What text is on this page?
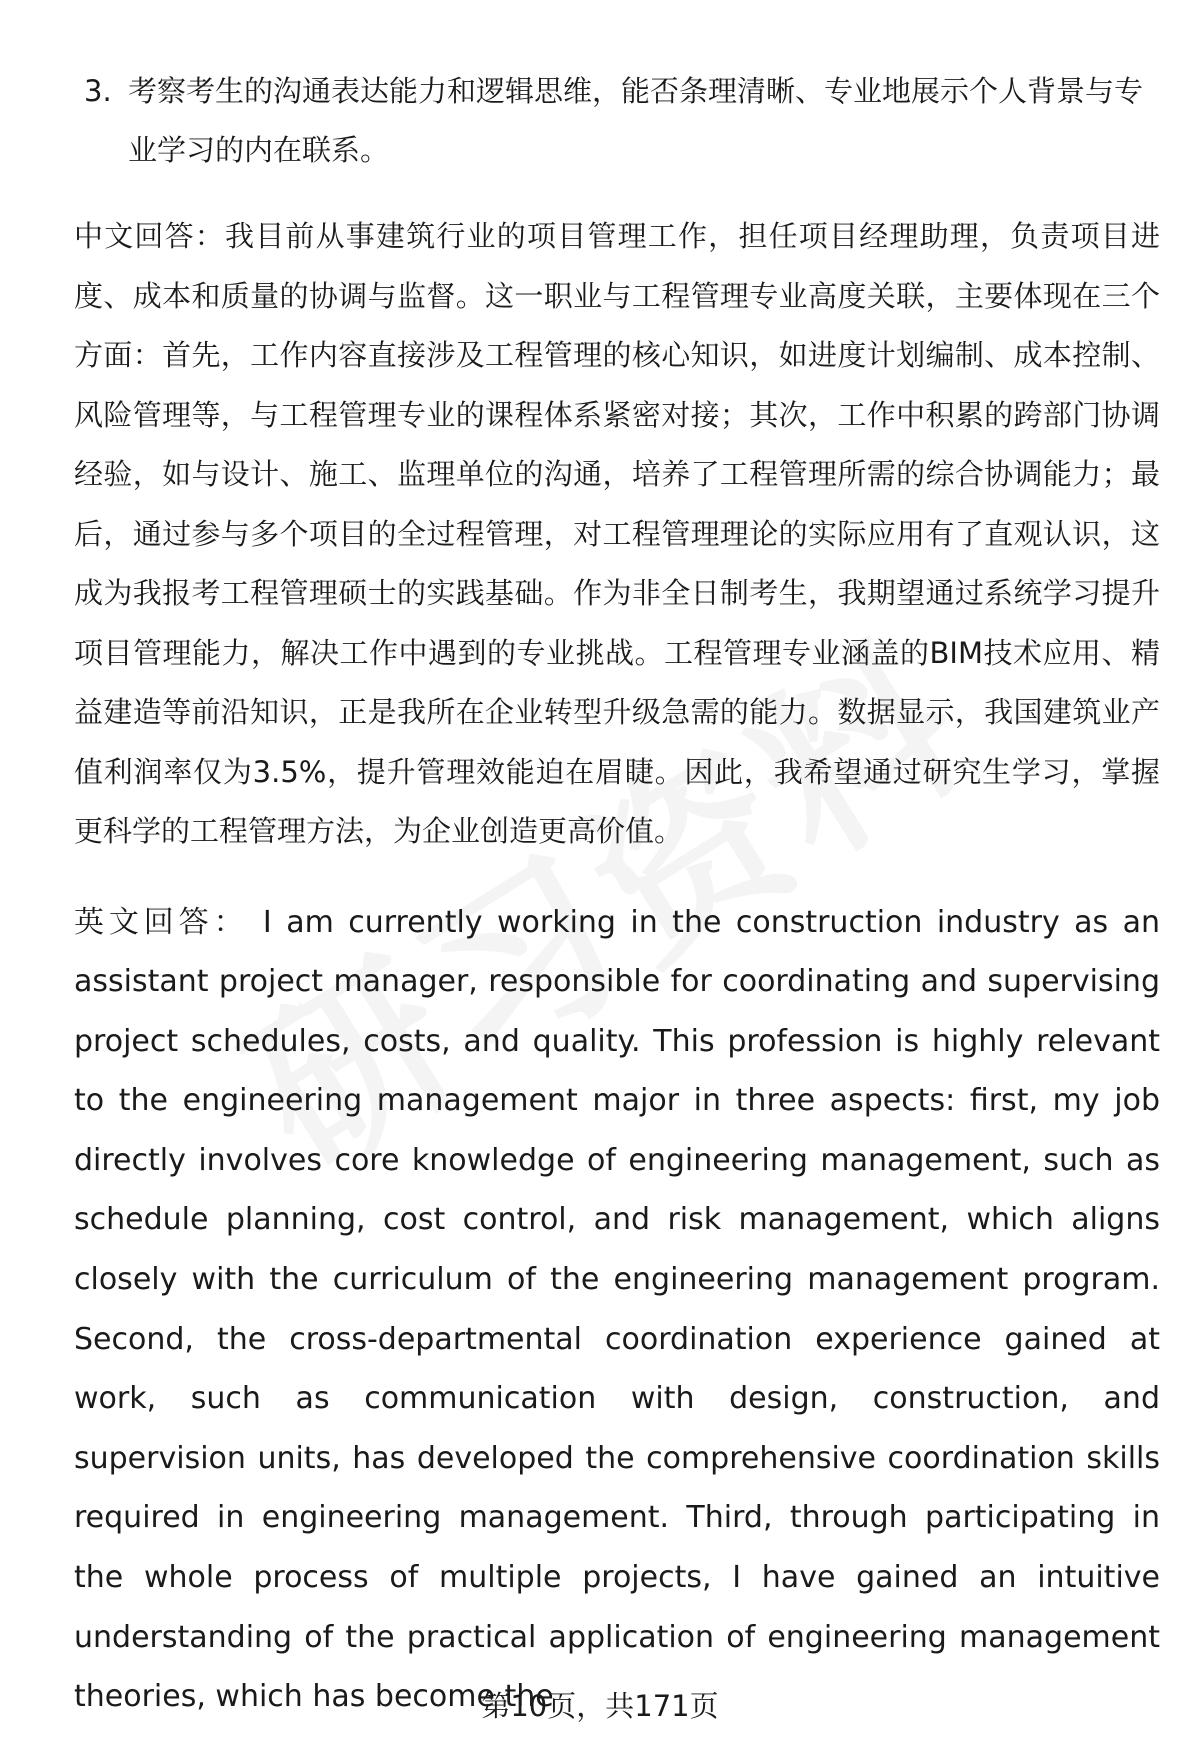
3. 考察考生的沟通表达能力和逻辑思维，能否条理清晰、专业地展示个人背景与专业学习的内在联系。

中文回答：我目前从事建筑行业的项目管理工作，担任项目经理助理，负责项目进度、成本和质量的协调与监督。这一职业与工程管理专业高度关联，主要体现在三个方面：首先，工作内容直接涉及工程管理的核心知识，如进度计划编制、成本控制、风险管理等，与工程管理专业的课程体系紧密对接；其次，工作中积累的跨部门协调经验，如与设计、施工、监理单位的沟通，培养了工程管理所需的综合协调能力；最后，通过参与多个项目的全过程管理，对工程管理理论的实际应用有了直观认识，这成为我报考工程管理硕士的实践基础。作为非全日制考生，我期望通过系统学习提升项目管理能力，解决工作中遇到的专业挑战。工程管理专业涵盖的BIM技术应用、精益建造等前沿知识，正是我所在企业转型升级急需的能力。数据显示，我国建筑业产值利润率仅为3.5%，提升管理效能迫在眉睫。因此，我希望通过研究生学习，掌握更科学的工程管理方法，为企业创造更高价值。

英文回答： I am currently working in the construction industry as an assistant project manager, responsible for coordinating and supervising project schedules, costs, and quality. This profession is highly relevant to the engineering management major in three aspects: first, my job directly involves core knowledge of engineering management, such as schedule planning, cost control, and risk management, which aligns closely with the curriculum of the engineering management program. Second, the cross-departmental coordination experience gained at work, such as communication with design, construction, and supervision units, has developed the comprehensive coordination skills required in engineering management. Third, through participating in the whole process of multiple projects, I have gained an intuitive understanding of the practical application of engineering management theories, which has become the

第10页，共171页
